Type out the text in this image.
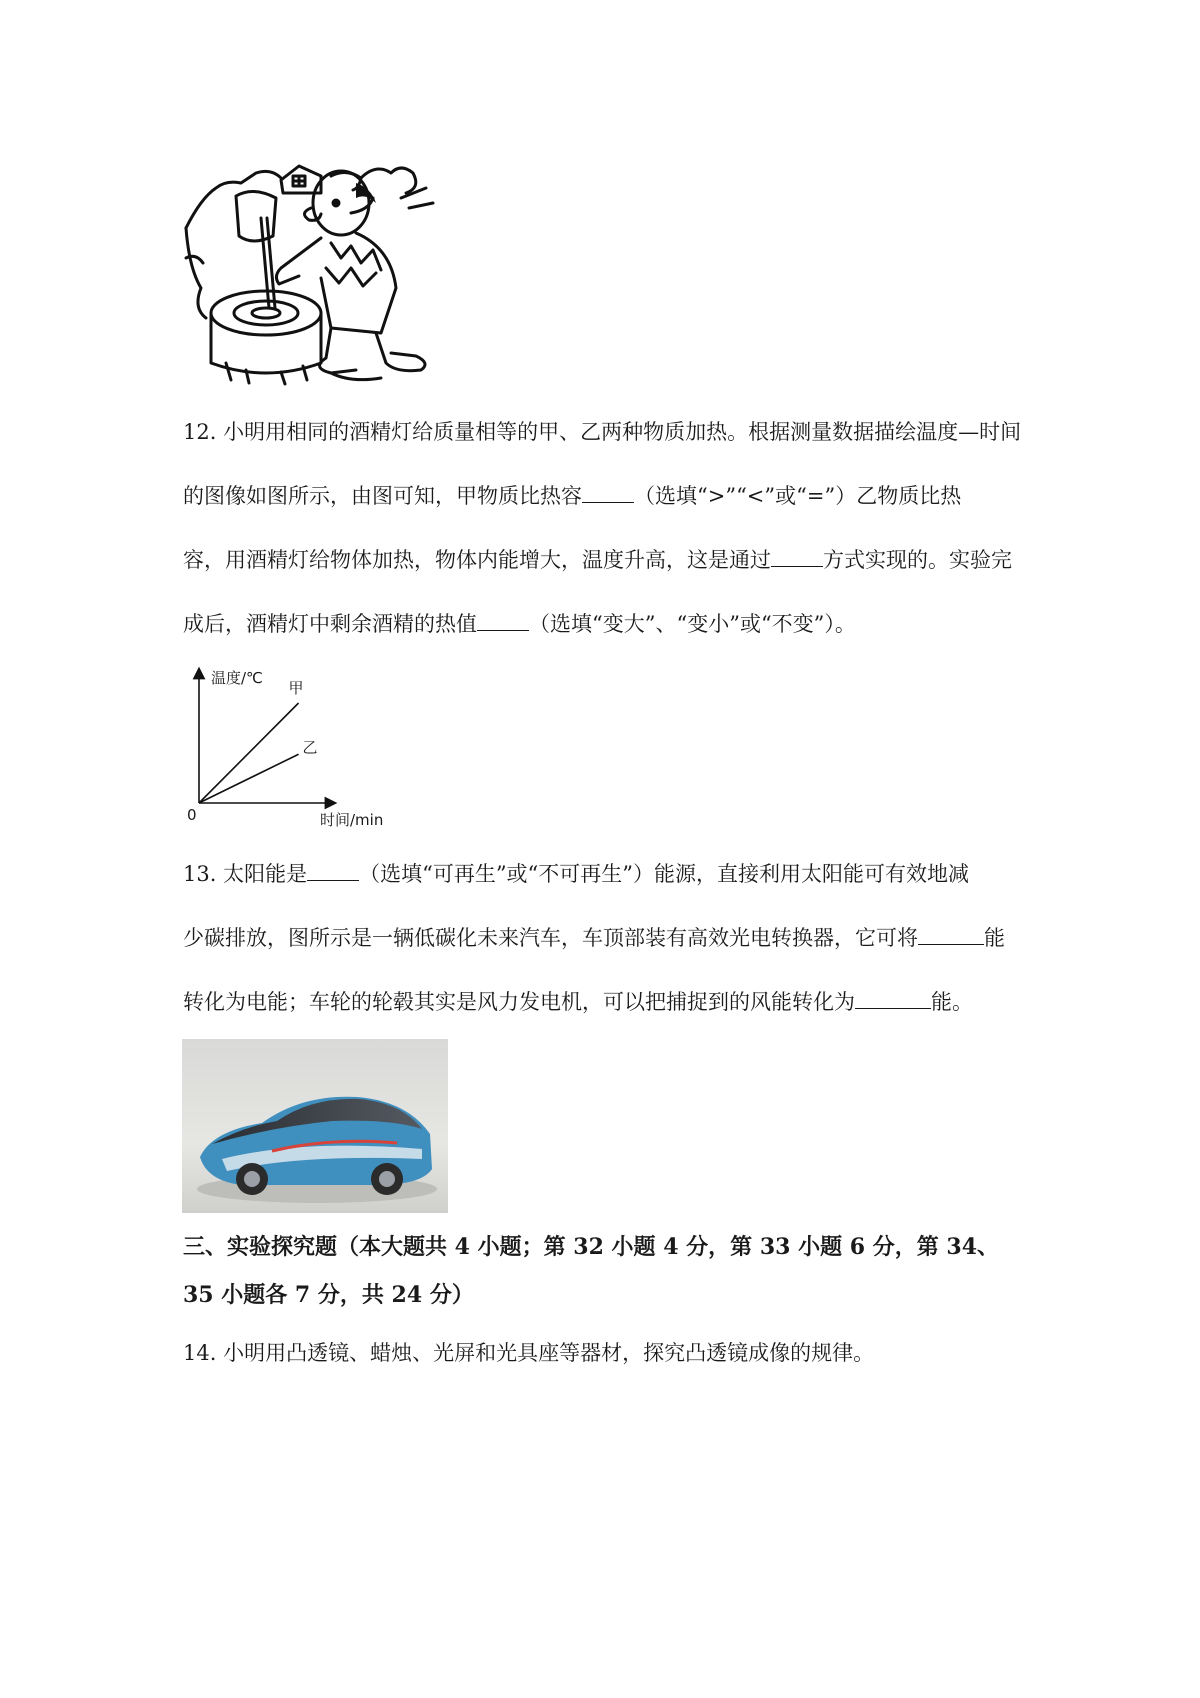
12. 小明用相同的酒精灯给质量相等的甲、乙两种物质加热。根据测量数据描绘温度—时间

的图像如图所示，由图可知，甲物质比热容 （选填“>”“<”或“=”）乙物质比热

容，用酒精灯给物体加热，物体内能增大，温度升高，这是通过 方式实现的。实验完

成后，酒精灯中剩余酒精的热值 （选填“变大”、“变小”或“不变”）。

温度/℃
时间/min
0
甲
乙

13. 太阳能是 （选填“可再生”或“不可再生”）能源，直接利用太阳能可有效地减

少碳排放，图所示是一辆低碳化未来汽车，车顶部装有高效光电转换器，它可将	能

转化为电能；车轮的轮毂其实是风力发电机，可以把捕捉到的风能转化为	能。

三、实验探究题（本大题共 4 小题；第 32 小题 4 分，第 33 小题 6 分，第 34、

35 小题各 7 分，共 24 分）

14. 小明用凸透镜、蜡烛、光屏和光具座等器材，探究凸透镜成像的规律。
